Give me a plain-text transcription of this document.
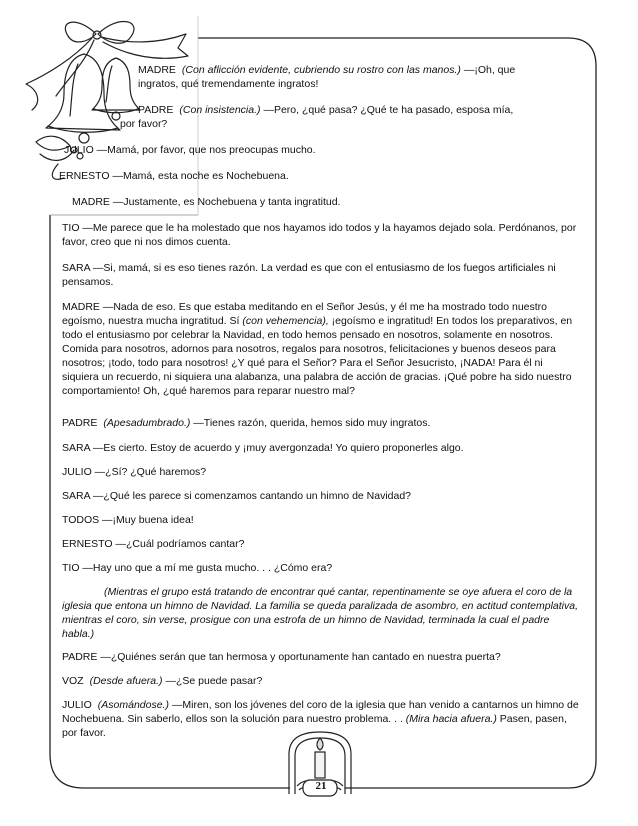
MADRE (Con aflicción evidente, cubriendo su rostro con las manos.) —¡Oh, que
ingratos, qué tremendamente ingratos!

PADRE (Con insistencia.) —Pero, ¿qué pasa? ¿Qué te ha pasado, esposa mía,
por favor?

JULIO —Mamá, por favor, que nos preocupas mucho.

ERNESTO —Mamá, esta noche es Nochebuena.

MADRE —Justamente, es Nochebuena y tanta ingratitud.

TIO —Me parece que le ha molestado que nos hayamos ido todos y la hayamos dejado sola. Perdónanos, por favor, creo que ni nos dimos cuenta.

SARA —Si, mamá, si es eso tienes razón. La verdad es que con el entusiasmo de los fuegos artificiales ni pensamos.

MADRE —Nada de eso. Es que estaba meditando en el Señor Jesús, y él me ha mostrado todo nuestro egoísmo, nuestra mucha ingratitud. Sí (con vehemencia), ¡egoísmo e ingratitud! En todos los preparativos, en todo el entusiasmo por celebrar la Navidad, en todo hemos pensado en nosotros, solamente en nosotros. Comida para nosotros, adornos para nosotros, regalos para nosotros, felicitaciones y buenos deseos para nosotros; ¡todo, todo para nosotros! ¿Y qué para el Señor? Para el Señor Jesucristo, ¡NADA! Para él ni siquiera un recuerdo, ni siquiera una alabanza, una palabra de acción de gracias. ¡Qué pobre ha sido nuestro comportamiento! Oh, ¿qué haremos para reparar nuestro mal?

PADRE (Apesadumbrado.) —Tienes razón, querida, hemos sido muy ingratos.

SARA —Es cierto. Estoy de acuerdo y ¡muy avergonzada! Yo quiero proponerles algo.

JULIO —¿Sí? ¿Qué haremos?

SARA —¿Qué les parece si comenzamos cantando un himno de Navidad?

TODOS —¡Muy buena idea!

ERNESTO —¿Cuál podríamos cantar?

TIO —Hay uno que a mí me gusta mucho. . . ¿Cómo era?

(Mientras el grupo está tratando de encontrar qué cantar, repentinamente se oye afuera el coro de la iglesia que entona un himno de Navidad. La familia se queda paralizada de asombro, en actitud contemplativa, mientras el coro, sin verse, prosigue con una estrofa de un himno de Navidad, terminada la cual el padre habla.)

PADRE —¿Quiénes serán que tan hermosa y oportunamente han cantado en nuestra puerta?

VOZ (Desde afuera.) —¿Se puede pasar?

JULIO (Asomándose.) —Miren, son los jóvenes del coro de la iglesia que han venido a cantarnos un himno de Nochebuena. Sin saberlo, ellos son la solución para nuestro problema. . . (Mira hacia afuera.) Pasen, pasen, por favor.

21
